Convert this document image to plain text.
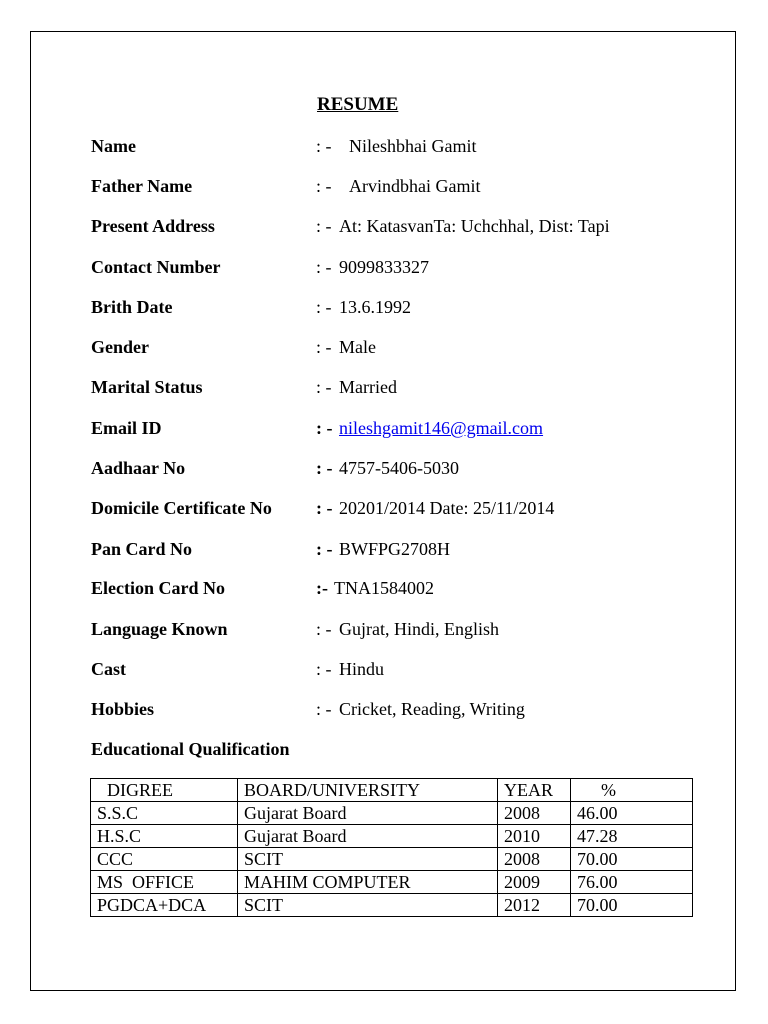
RESUME
Name	: - Nileshbhai Gamit
Father Name	: - Arvindbhai Gamit
Present Address	: - At: KatasvanTa: Uchchhal, Dist: Tapi
Contact Number	: - 9099833327
Brith Date	: - 13.6.1992
Gender	: - Male
Marital Status	: - Married
Email ID	: - nileshgamit146@gmail.com
Aadhaar No	: - 4757-5406-5030
Domicile Certificate No : - 20201/2014 Date: 25/11/2014
Pan Card No	: - BWFPG2708H
Election Card No	:- TNA1584002
Language Known	: - Gujrat, Hindi, English
Cast	: - Hindu
Hobbies	: - Cricket, Reading, Writing
Educational Qualification
DIGREE	BOARD/UNIVERSITY	YEAR	%
S.S.C	Gujarat Board	2008	46.00
H.S.C	Gujarat Board	2010	47.28
CCC	SCIT	2008	70.00
MS  OFFICE	MAHIM COMPUTER	2009	76.00
PGDCA+DCA	SCIT	2012	70.00
